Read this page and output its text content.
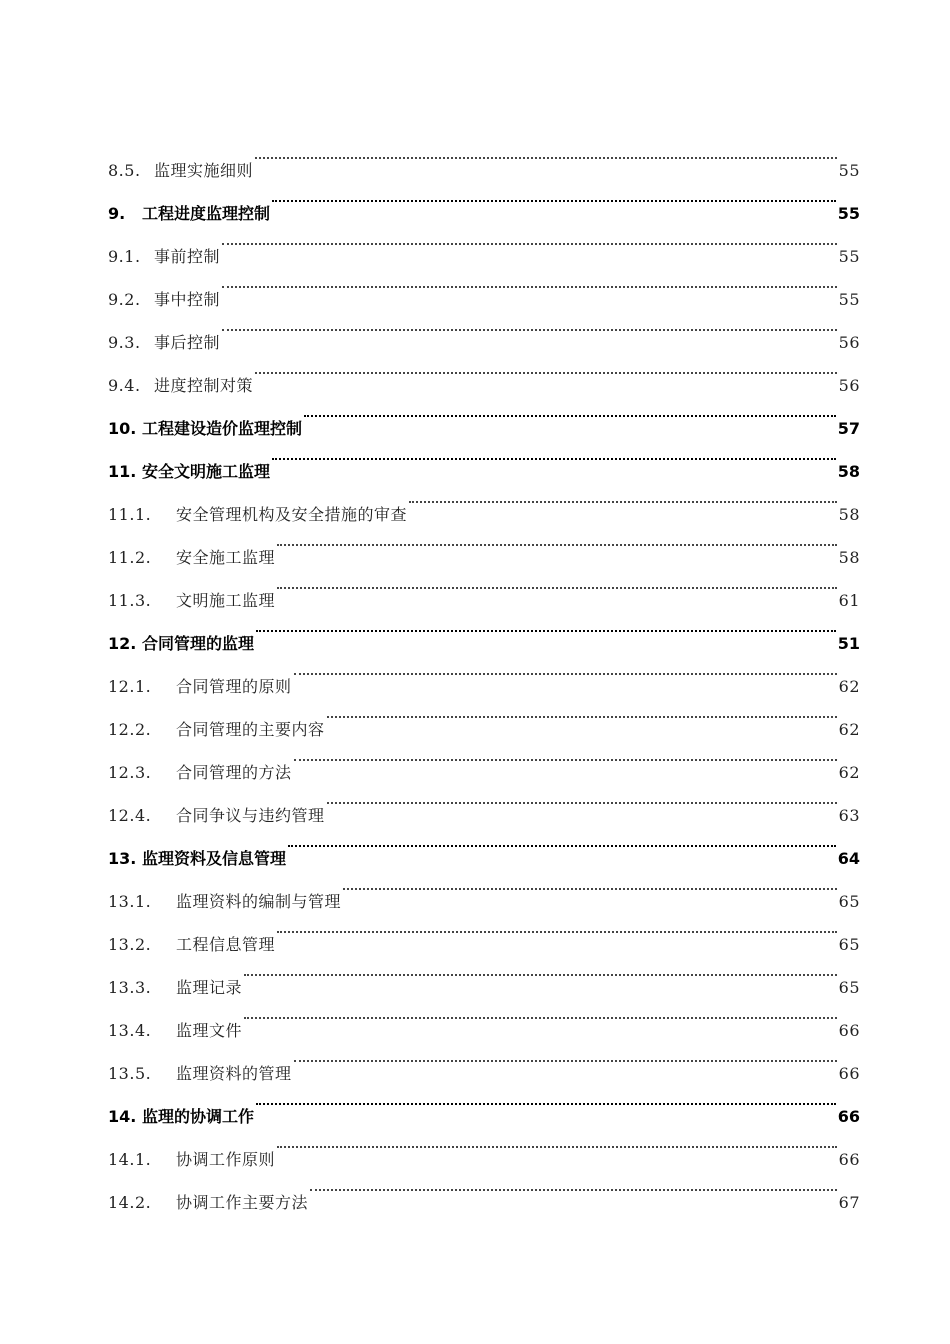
8.5. 监理实施细则	55
9.	工程进度监理控制	55
9.1. 事前控制	55
9.2. 事中控制	55
9.3. 事后控制	56
9.4. 进度控制对策	56
10. 工程建设造价监理控制	57
11. 安全文明施工监理	58
11.1.	安全管理机构及安全措施的审查	58
11.2.	安全施工监理	58
11.3.	文明施工监理	61
12. 合同管理的监理	51
12.1.	合同管理的原则	62
12.2.	合同管理的主要内容	62
12.3.	合同管理的方法	62
12.4.	合同争议与违约管理	63
13. 监理资料及信息管理	64
13.1.	监理资料的编制与管理	65
13.2.	工程信息管理	65
13.3.	监理记录	65
13.4.	监理文件	66
13.5.	监理资料的管理	66
14. 监理的协调工作	66
14.1.	协调工作原则	66
14.2.	协调工作主要方法	67
